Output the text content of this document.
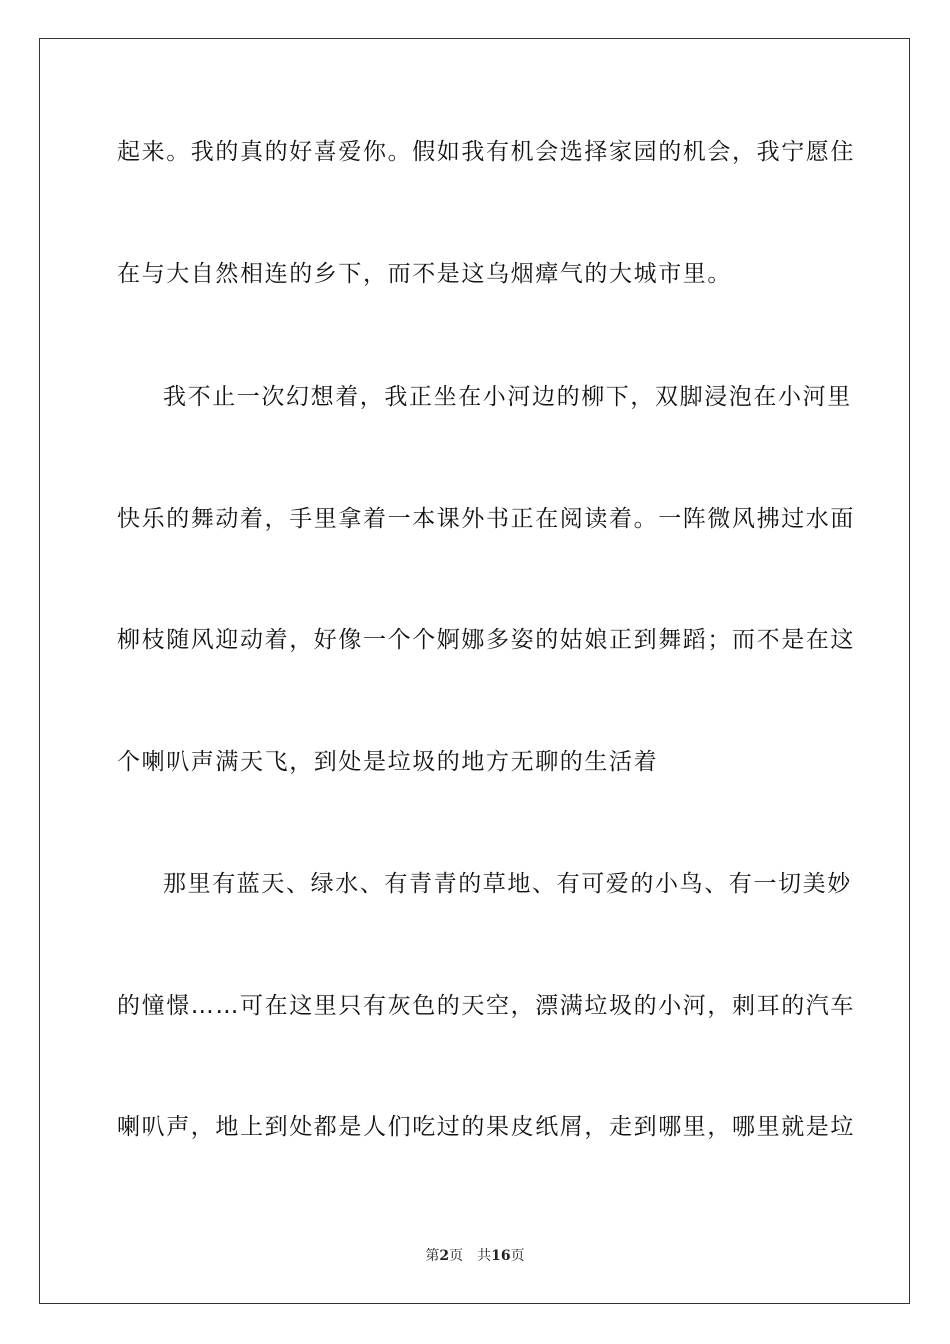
起来。我的真的好喜爱你。假如我有机会选择家园的机会，我宁愿住
在与大自然相连的乡下，而不是这乌烟瘴气的大城市里。
我不止一次幻想着，我正坐在小河边的柳下，双脚浸泡在小河里
快乐的舞动着，手里拿着一本课外书正在阅读着。一阵微风拂过水面
柳枝随风迎动着，好像一个个婀娜多姿的姑娘正到舞蹈；而不是在这
个喇叭声满天飞，到处是垃圾的地方无聊的生活着
那里有蓝天、绿水、有青青的草地、有可爱的小鸟、有一切美妙
的憧憬……可在这里只有灰色的天空，漂满垃圾的小河，刺耳的汽车
喇叭声，地上到处都是人们吃过的果皮纸屑，走到哪里，哪里就是垃
第2页 共16页
